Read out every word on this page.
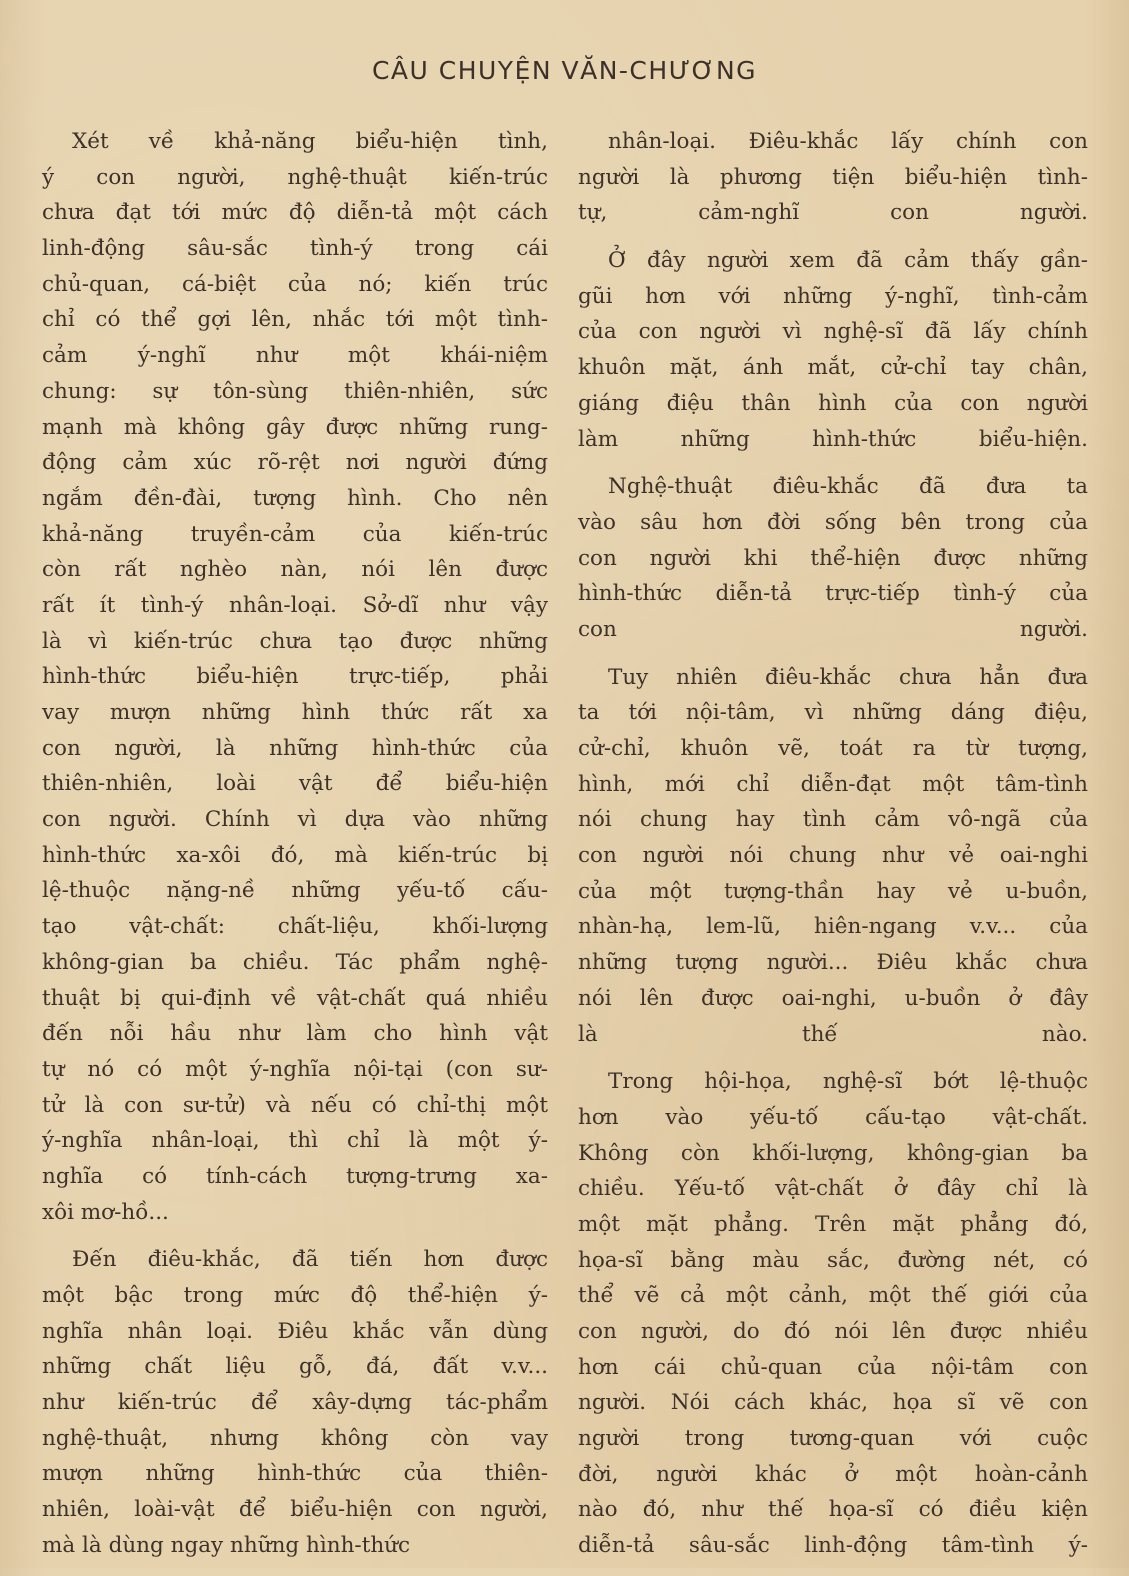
CÂU CHUYỆN VĂN-CHƯƠNG
Xét về khả-năng biểu-hiện tình,
ý con người, nghệ-thuật kiến-trúc
chưa đạt tới mức độ diễn-tả một cách
linh-động sâu-sắc tình-ý trong cái
chủ-quan, cá-biệt của nó; kiến trúc
chỉ có thể gợi lên, nhắc tới một tình-
cảm ý-nghĩ như một khái-niệm
chung: sự tôn-sùng thiên-nhiên, sức
mạnh mà không gây được những rung-
động cảm xúc rõ-rệt nơi người đứng
ngắm đền-đài, tượng hình. Cho nên
khả-năng truyền-cảm của kiến-trúc
còn rất nghèo nàn, nói lên được
rất ít tình-ý nhân-loại. Sở-dĩ như vậy
là vì kiến-trúc chưa tạo được những
hình-thức biểu-hiện trực-tiếp, phải
vay mượn những hình thức rất xa
con người, là những hình-thức của
thiên-nhiên, loài vật để biểu-hiện
con người. Chính vì dựa vào những
hình-thức xa-xôi đó, mà kiến-trúc bị
lệ-thuộc nặng-nề những yếu-tố cấu-
tạo vật-chất: chất-liệu, khối-lượng
không-gian ba chiều. Tác phẩm nghệ-
thuật bị qui-định về vật-chất quá nhiều
đến nỗi hầu như làm cho hình vật
tự nó có một ý-nghĩa nội-tại (con sư-
tử là con sư-tử) và nếu có chỉ-thị một
ý-nghĩa nhân-loại, thì chỉ là một ý-
nghĩa có tính-cách tượng-trưng xa-
xôi mơ-hồ...
Đến điêu-khắc, đã tiến hơn được
một bậc trong mức độ thể-hiện ý-
nghĩa nhân loại. Điêu khắc vẫn dùng
những chất liệu gỗ, đá, đất v.v...
như kiến-trúc để xây-dựng tác-phẩm
nghệ-thuật, nhưng không còn vay
mượn những hình-thức của thiên-
nhiên, loài-vật để biểu-hiện con người,
mà là dùng ngay những hình-thức
nhân-loại. Điêu-khắc lấy chính con
người là phương tiện biểu-hiện tình-
tự, cảm-nghĩ con người.
Ở đây người xem đã cảm thấy gần-
gũi hơn với những ý-nghĩ, tình-cảm
của con người vì nghệ-sĩ đã lấy chính
khuôn mặt, ánh mắt, cử-chỉ tay chân,
giáng điệu thân hình của con người
làm những hình-thức biểu-hiện.
Nghệ-thuật điêu-khắc đã đưa ta
vào sâu hơn đời sống bên trong của
con người khi thể-hiện được những
hình-thức diễn-tả trực-tiếp tình-ý của
con người.
Tuy nhiên điêu-khắc chưa hẳn đưa
ta tới nội-tâm, vì những dáng điệu,
cử-chỉ, khuôn vẽ, toát ra từ tượng,
hình, mới chỉ diễn-đạt một tâm-tình
nói chung hay tình cảm vô-ngã của
con người nói chung như vẻ oai-nghi
của một tượng-thần hay vẻ u-buồn,
nhàn-hạ, lem-lũ, hiên-ngang v.v... của
những tượng người... Điêu khắc chưa
nói lên được oai-nghi, u-buồn ở đây
là thế nào.
Trong hội-họa, nghệ-sĩ bớt lệ-thuộc
hơn vào yếu-tố cấu-tạo vật-chất.
Không còn khối-lượng, không-gian ba
chiều. Yếu-tố vật-chất ở đây chỉ là
một mặt phẳng. Trên mặt phẳng đó,
họa-sĩ bằng màu sắc, đường nét, có
thể vẽ cả một cảnh, một thế giới của
con người, do đó nói lên được nhiều
hơn cái chủ-quan của nội-tâm con
người. Nói cách khác, họa sĩ vẽ con
người trong tương-quan với cuộc
đời, người khác ở một hoàn-cảnh
nào đó, như thế họa-sĩ có điều kiện
diễn-tả sâu-sắc linh-động tâm-tình ý-
